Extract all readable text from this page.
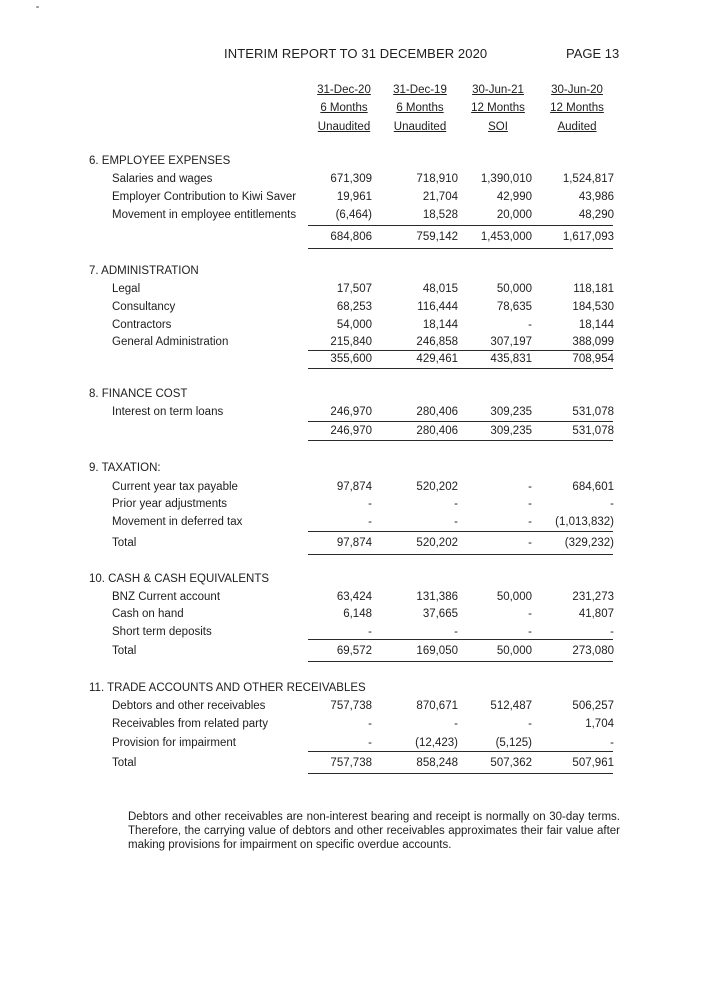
INTERIM REPORT TO 31 DECEMBER 2020	PAGE 13
31-Dec-20	31-Dec-19	30-Jun-21	30-Jun-20
6 Months	6 Months	12 Months	12 Months
Unaudited	Unaudited	SOI	Audited
6. EMPLOYEE EXPENSES
Salaries and wages	671,309	718,910	1,390,010	1,524,817
Employer Contribution to Kiwi Saver	19,961	21,704	42,990	43,986
Movement in employee entitlements	(6,464)	18,528	20,000	48,290
684,806	759,142	1,453,000	1,617,093
7. ADMINISTRATION
Legal	17,507	48,015	50,000	118,181
Consultancy	68,253	116,444	78,635	184,530
Contractors	54,000	18,144	-	18,144
General Administration	215,840	246,858	307,197	388,099
355,600	429,461	435,831	708,954
8. FINANCE COST
Interest on term loans	246,970	280,406	309,235	531,078
246,970	280,406	309,235	531,078
9. TAXATION:
Current year tax payable	97,874	520,202	-	684,601
Prior year adjustments	-	-	-	-
Movement in deferred tax	-	-	-	(1,013,832)
Total	97,874	520,202	-	(329,232)
10. CASH & CASH EQUIVALENTS
BNZ Current account	63,424	131,386	50,000	231,273
Cash on hand	6,148	37,665	-	41,807
Short term deposits	-	-	-	-
Total	69,572	169,050	50,000	273,080
11. TRADE ACCOUNTS AND OTHER RECEIVABLES
Debtors and other receivables	757,738	870,671	512,487	506,257
Receivables from related party	-	-	-	1,704
Provision for impairment	-	(12,423)	(5,125)	-
Total	757,738	858,248	507,362	507,961
Debtors and other receivables are non-interest bearing and receipt is normally on 30-day terms. Therefore, the carrying value of debtors and other receivables approximates their fair value after making provisions for impairment on specific overdue accounts.
